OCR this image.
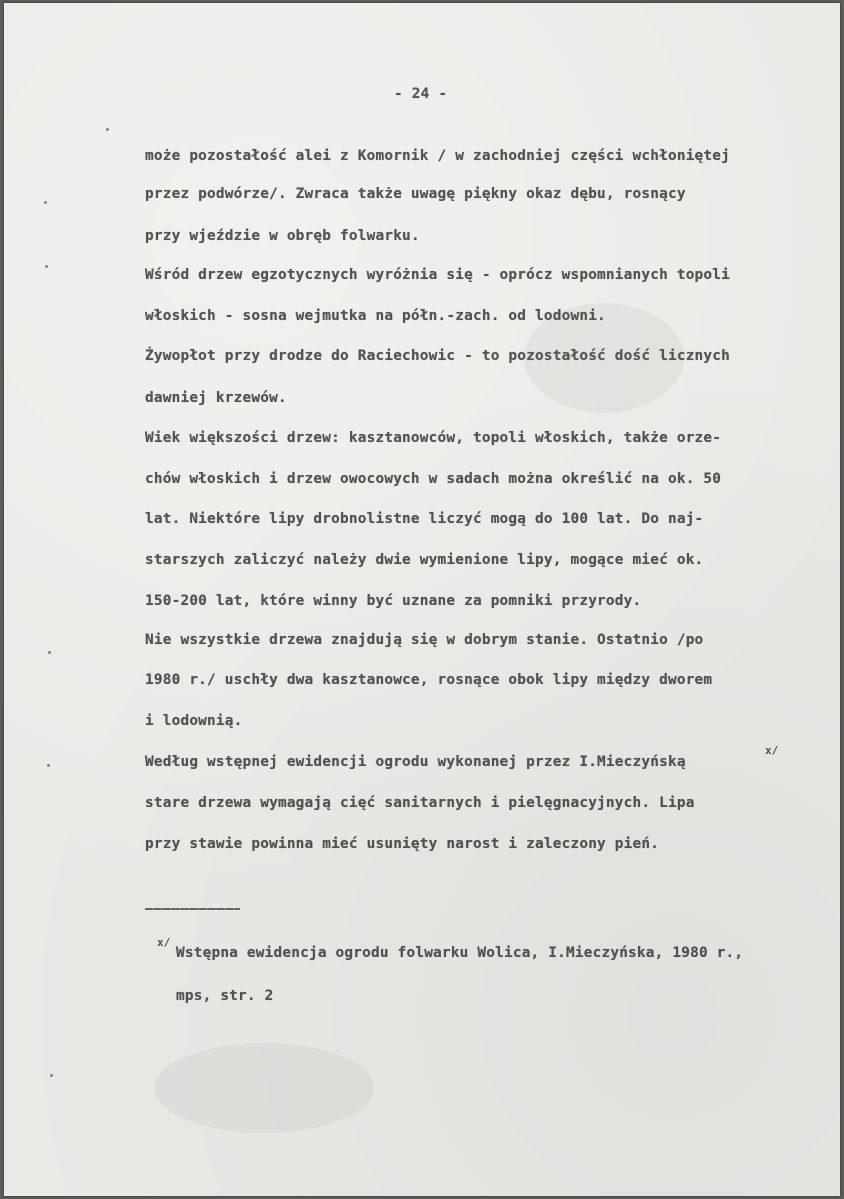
- 24 -
może pozostałość alei z Komornik / w zachodniej części wchłoniętej
przez podwórze/. Zwraca także uwagę piękny okaz dębu, rosnący
przy wjeździe w obręb folwarku.
Wśród drzew egzotycznych wyróżnia się - oprócz wspomnianych topoli
włoskich - sosna wejmutka na półn.-zach. od lodowni.
Żywopłot przy drodze do Raciechowic - to pozostałość dość licznych
dawniej krzewów.
Wiek większości drzew: kasztanowców, topoli włoskich, także orze-
chów włoskich i drzew owocowych w sadach można określić na ok. 50
lat. Niektóre lipy drobnolistne liczyć mogą do 100 lat. Do naj-
starszych zaliczyć należy dwie wymienione lipy, mogące mieć ok.
150-200 lat, które winny być uznane za pomniki przyrody.
Nie wszystkie drzewa znajdują się w dobrym stanie. Ostatnio /po
1980 r./ uschły dwa kasztanowce, rosnące obok lipy między dworem
i lodownią.
Według wstępnej ewidencji ogrodu wykonanej przez I.Mieczyńską
x/
stare drzewa wymagają cięć sanitarnych i pielęgnacyjnych. Lipa
przy stawie powinna mieć usunięty narost i zaleczony pień.
x/
Wstępna ewidencja ogrodu folwarku Wolica, I.Mieczyńska, 1980 r.,
mps, str. 2
